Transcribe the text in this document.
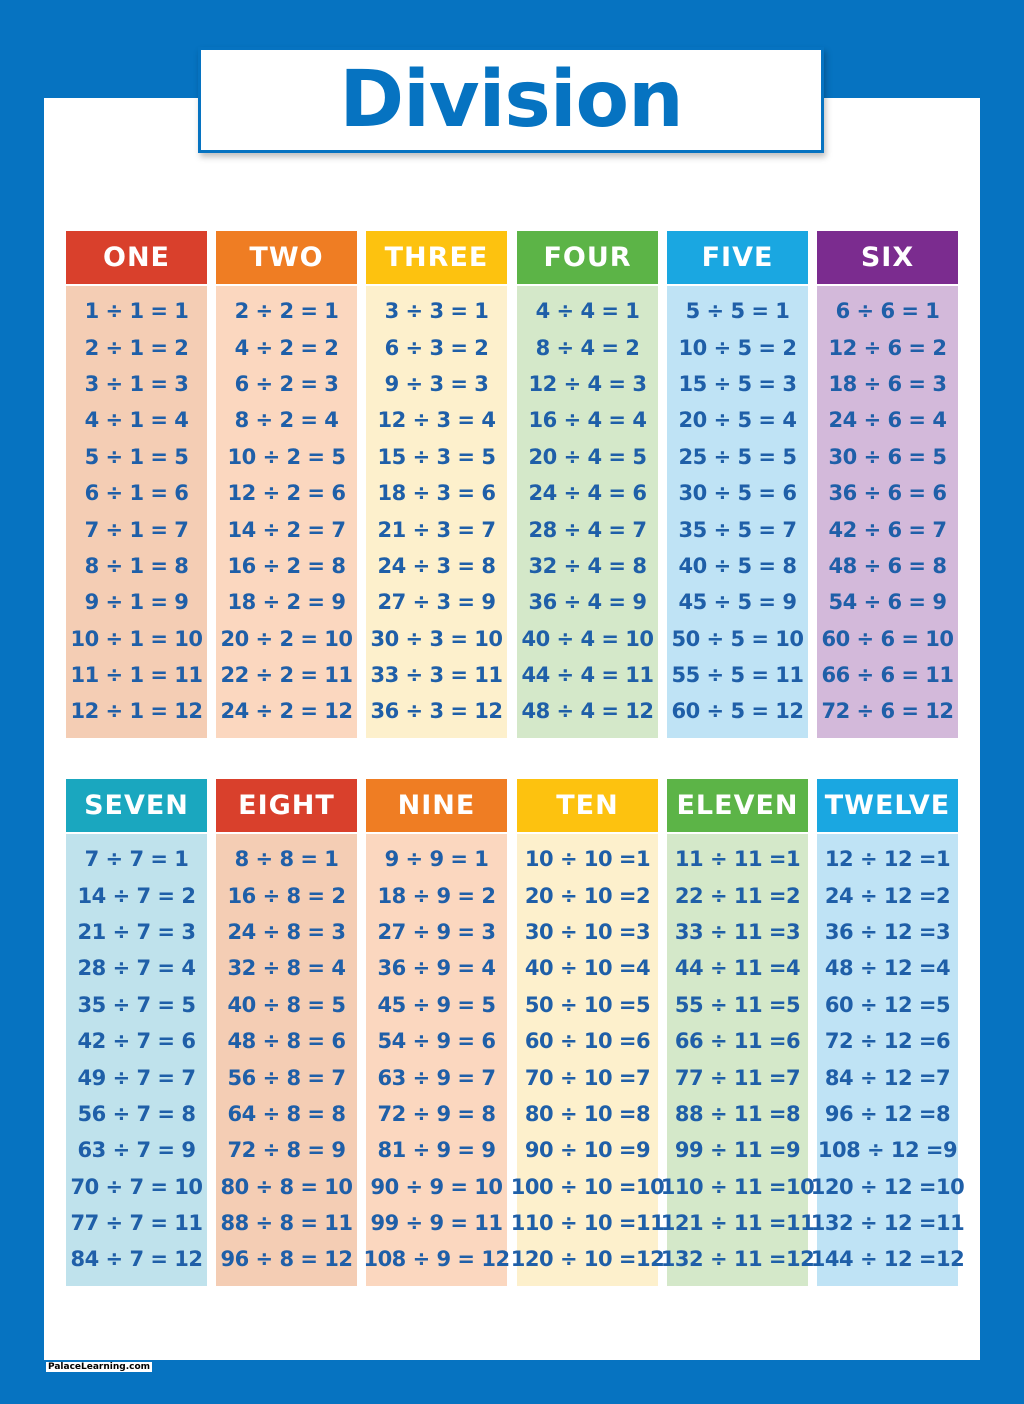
Division
ONE
1 ÷ 1 = 1
2 ÷ 1 = 2
3 ÷ 1 = 3
4 ÷ 1 = 4
5 ÷ 1 = 5
6 ÷ 1 = 6
7 ÷ 1 = 7
8 ÷ 1 = 8
9 ÷ 1 = 9
10 ÷ 1 = 10
11 ÷ 1 = 11
12 ÷ 1 = 12
TWO
2 ÷ 2 = 1
4 ÷ 2 = 2
6 ÷ 2 = 3
8 ÷ 2 = 4
10 ÷ 2 = 5
12 ÷ 2 = 6
14 ÷ 2 = 7
16 ÷ 2 = 8
18 ÷ 2 = 9
20 ÷ 2 = 10
22 ÷ 2 = 11
24 ÷ 2 = 12
THREE
3 ÷ 3 = 1
6 ÷ 3 = 2
9 ÷ 3 = 3
12 ÷ 3 = 4
15 ÷ 3 = 5
18 ÷ 3 = 6
21 ÷ 3 = 7
24 ÷ 3 = 8
27 ÷ 3 = 9
30 ÷ 3 = 10
33 ÷ 3 = 11
36 ÷ 3 = 12
FOUR
4 ÷ 4 = 1
8 ÷ 4 = 2
12 ÷ 4 = 3
16 ÷ 4 = 4
20 ÷ 4 = 5
24 ÷ 4 = 6
28 ÷ 4 = 7
32 ÷ 4 = 8
36 ÷ 4 = 9
40 ÷ 4 = 10
44 ÷ 4 = 11
48 ÷ 4 = 12
FIVE
5 ÷ 5 = 1
10 ÷ 5 = 2
15 ÷ 5 = 3
20 ÷ 5 = 4
25 ÷ 5 = 5
30 ÷ 5 = 6
35 ÷ 5 = 7
40 ÷ 5 = 8
45 ÷ 5 = 9
50 ÷ 5 = 10
55 ÷ 5 = 11
60 ÷ 5 = 12
SIX
6 ÷ 6 = 1
12 ÷ 6 = 2
18 ÷ 6 = 3
24 ÷ 6 = 4
30 ÷ 6 = 5
36 ÷ 6 = 6
42 ÷ 6 = 7
48 ÷ 6 = 8
54 ÷ 6 = 9
60 ÷ 6 = 10
66 ÷ 6 = 11
72 ÷ 6 = 12
SEVEN
7 ÷ 7 = 1
14 ÷ 7 = 2
21 ÷ 7 = 3
28 ÷ 7 = 4
35 ÷ 7 = 5
42 ÷ 7 = 6
49 ÷ 7 = 7
56 ÷ 7 = 8
63 ÷ 7 = 9
70 ÷ 7 = 10
77 ÷ 7 = 11
84 ÷ 7 = 12
EIGHT
8 ÷ 8 = 1
16 ÷ 8 = 2
24 ÷ 8 = 3
32 ÷ 8 = 4
40 ÷ 8 = 5
48 ÷ 8 = 6
56 ÷ 8 = 7
64 ÷ 8 = 8
72 ÷ 8 = 9
80 ÷ 8 = 10
88 ÷ 8 = 11
96 ÷ 8 = 12
NINE
9 ÷ 9 = 1
18 ÷ 9 = 2
27 ÷ 9 = 3
36 ÷ 9 = 4
45 ÷ 9 = 5
54 ÷ 9 = 6
63 ÷ 9 = 7
72 ÷ 9 = 8
81 ÷ 9 = 9
90 ÷ 9 = 10
99 ÷ 9 = 11
108 ÷ 9 = 12
TEN
10 ÷ 10 =1
20 ÷ 10 =2
30 ÷ 10 =3
40 ÷ 10 =4
50 ÷ 10 =5
60 ÷ 10 =6
70 ÷ 10 =7
80 ÷ 10 =8
90 ÷ 10 =9
100 ÷ 10 =10
110 ÷ 10 =11
120 ÷ 10 =12
ELEVEN
11 ÷ 11 =1
22 ÷ 11 =2
33 ÷ 11 =3
44 ÷ 11 =4
55 ÷ 11 =5
66 ÷ 11 =6
77 ÷ 11 =7
88 ÷ 11 =8
99 ÷ 11 =9
110 ÷ 11 =10
121 ÷ 11 =11
132 ÷ 11 =12
TWELVE
12 ÷ 12 =1
24 ÷ 12 =2
36 ÷ 12 =3
48 ÷ 12 =4
60 ÷ 12 =5
72 ÷ 12 =6
84 ÷ 12 =7
96 ÷ 12 =8
108 ÷ 12 =9
120 ÷ 12 =10
132 ÷ 12 =11
144 ÷ 12 =12
PalaceLearning.com
